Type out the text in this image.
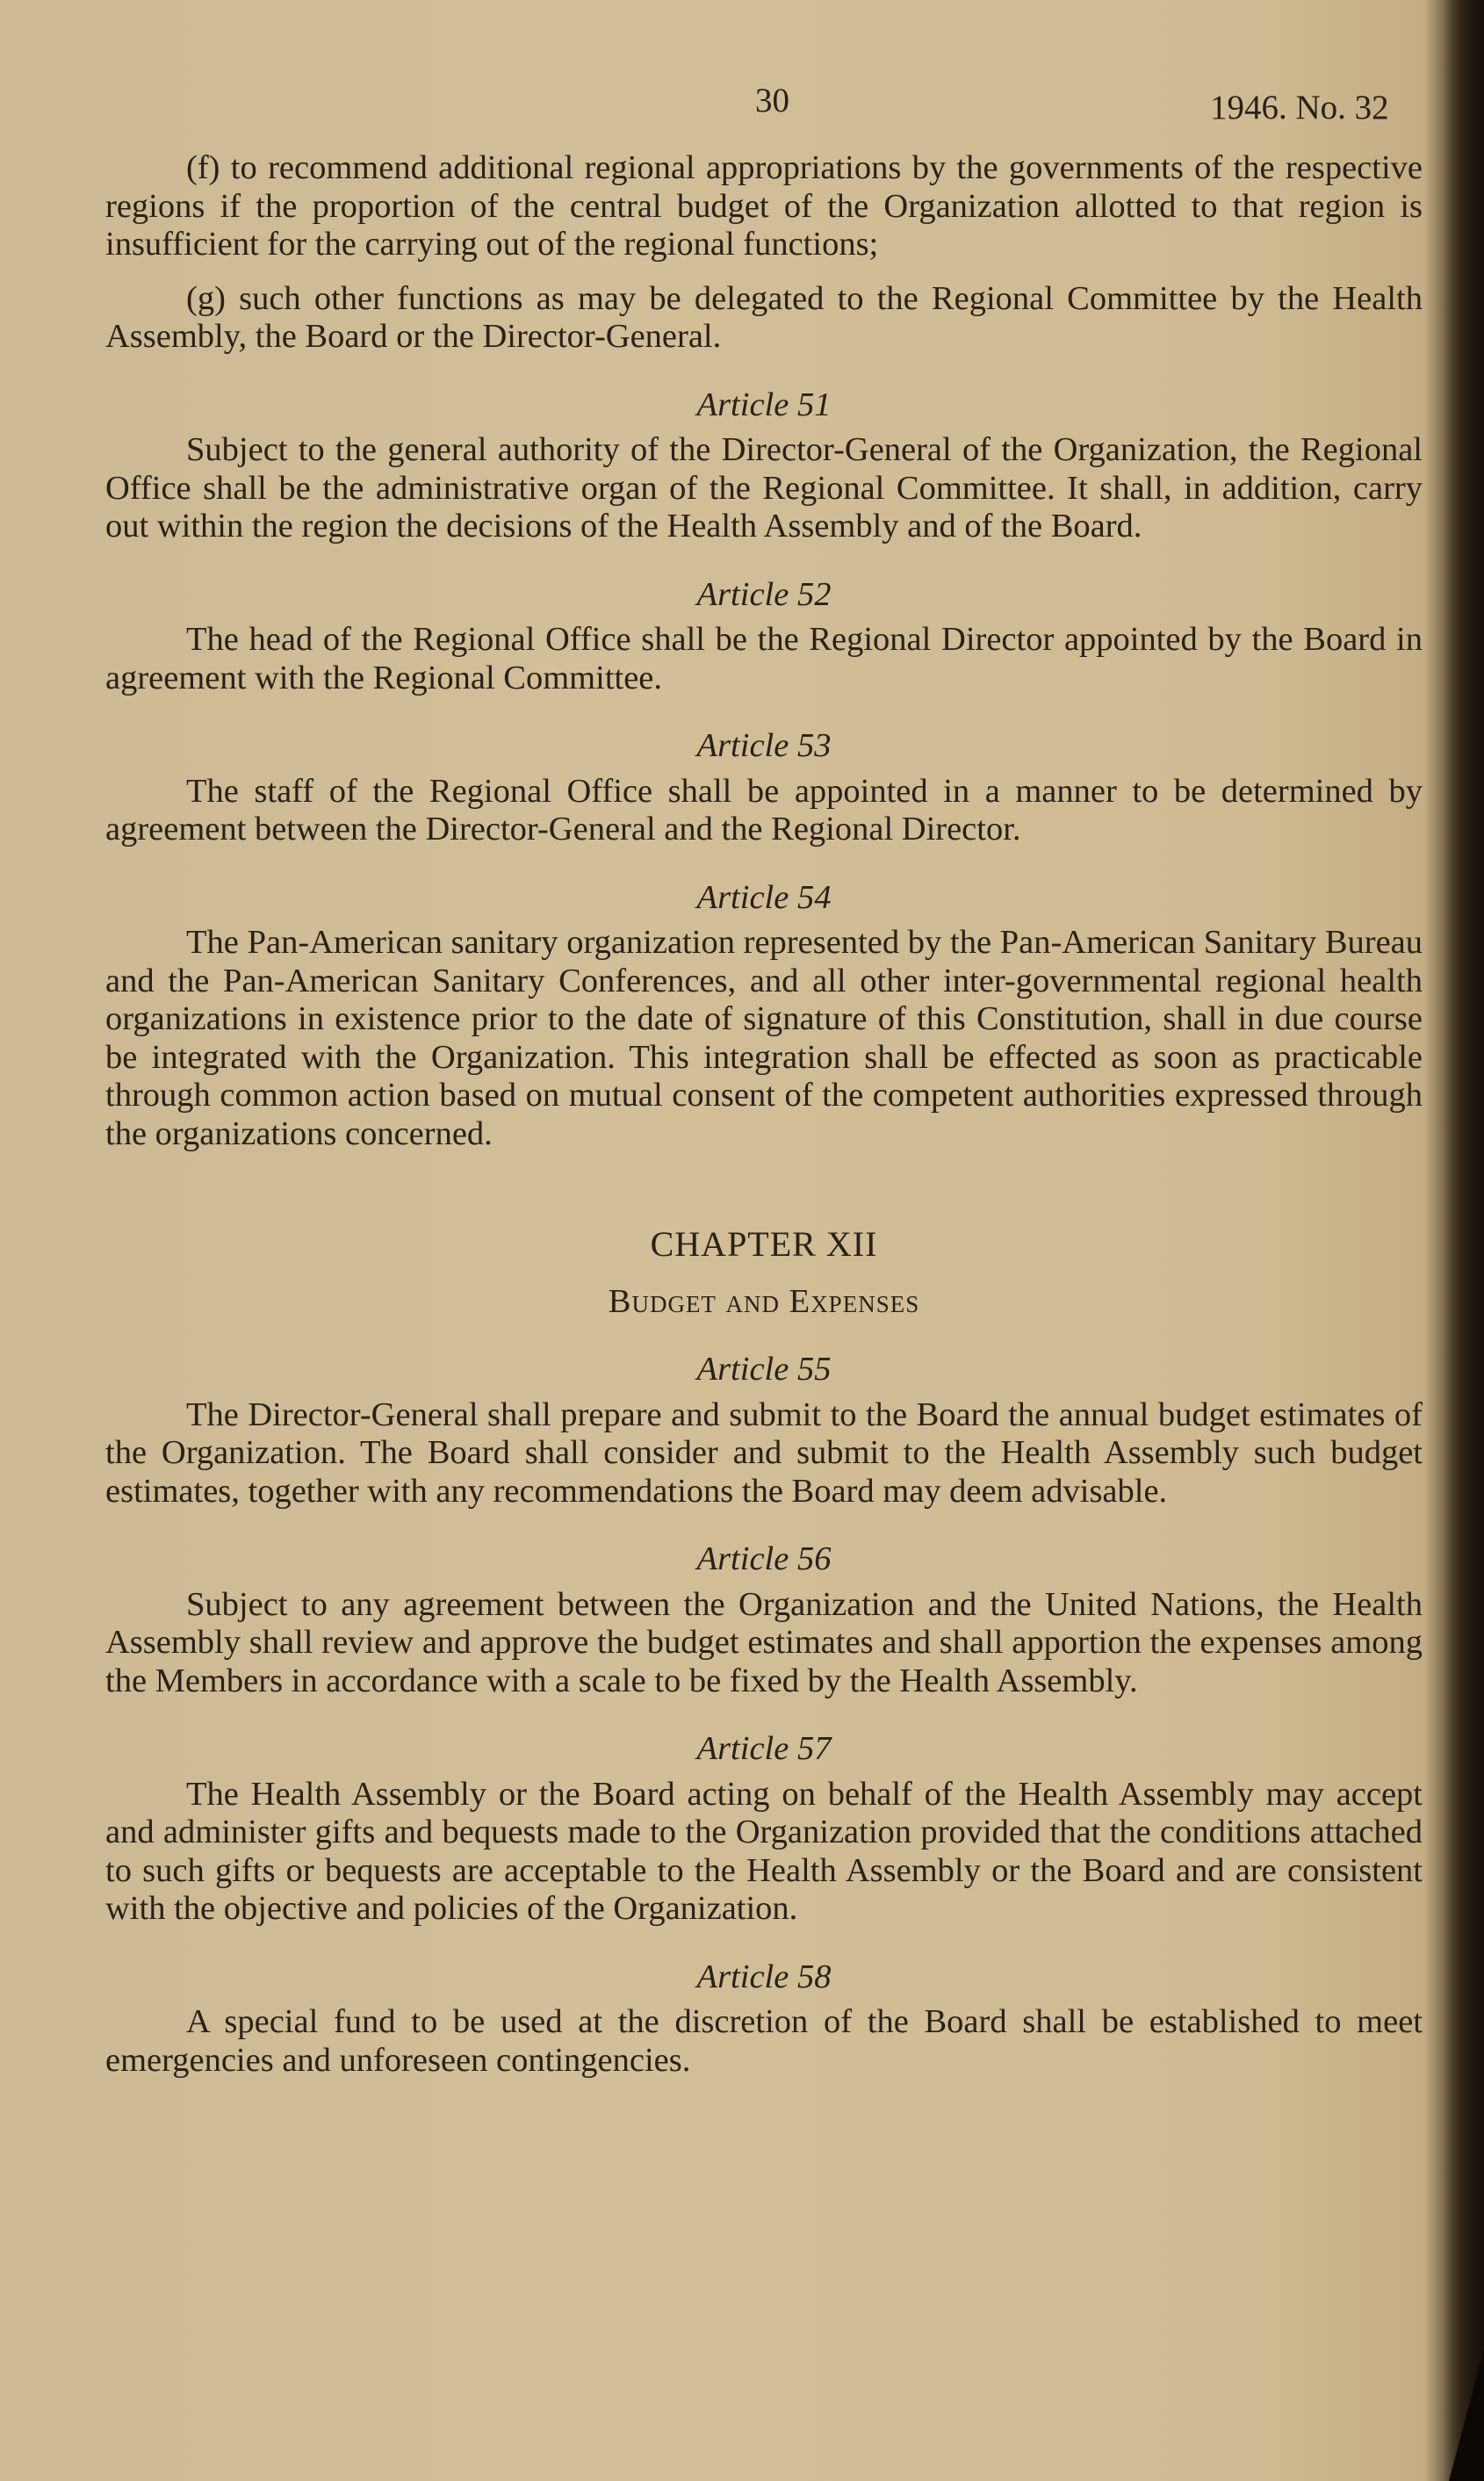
30	1946. No. 32

(f) to recommend additional regional appropriations by the governments of the respective regions if the proportion of the central budget of the Organization allotted to that region is insufficient for the carrying out of the regional functions;

(g) such other functions as may be delegated to the Regional Committee by the Health Assembly, the Board or the Director-General.

Article 51

Subject to the general authority of the Director-General of the Organization, the Regional Office shall be the administrative organ of the Regional Committee. It shall, in addition, carry out within the region the decisions of the Health Assembly and of the Board.

Article 52

The head of the Regional Office shall be the Regional Director appointed by the Board in agreement with the Regional Committee.

Article 53

The staff of the Regional Office shall be appointed in a manner to be determined by agreement between the Director-General and the Regional Director.

Article 54

The Pan-American sanitary organization represented by the Pan-American Sanitary Bureau and the Pan-American Sanitary Conferences, and all other inter-governmental regional health organizations in existence prior to the date of signature of this Constitution, shall in due course be integrated with the Organization. This integration shall be effected as soon as practicable through common action based on mutual consent of the competent authorities expressed through the organizations concerned.

CHAPTER XII
Budget and Expenses
Article 55

The Director-General shall prepare and submit to the Board the annual budget estimates of the Organization. The Board shall consider and submit to the Health Assembly such budget estimates, together with any recommendations the Board may deem advisable.

Article 56

Subject to any agreement between the Organization and the United Nations, the Health Assembly shall review and approve the budget estimates and shall apportion the expenses among the Members in accordance with a scale to be fixed by the Health Assembly.

Article 57

The Health Assembly or the Board acting on behalf of the Health Assembly may accept and administer gifts and bequests made to the Organization provided that the conditions attached to such gifts or bequests are acceptable to the Health Assembly or the Board and are consistent with the objective and policies of the Organization.

Article 58

A special fund to be used at the discretion of the Board shall be established to meet emergencies and unforeseen contingencies.
